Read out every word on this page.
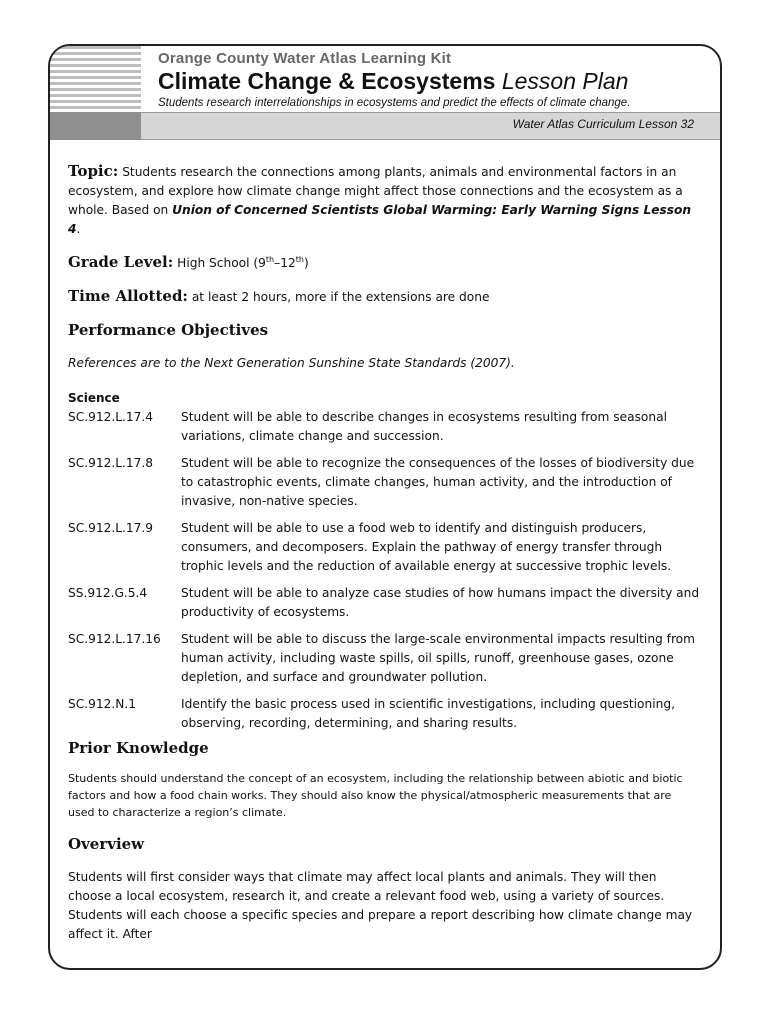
Orange County Water Atlas Learning Kit
Climate Change & Ecosystems Lesson Plan
Students research interrelationships in ecosystems and predict the effects of climate change.
Water Atlas Curriculum Lesson 32

Topic: Students research the connections among plants, animals and environmental factors in an ecosystem, and explore how climate change might affect those connections and the ecosystem as a whole. Based on Union of Concerned Scientists Global Warming: Early Warning Signs Lesson 4.

Grade Level: High School (9th–12th)

Time Allotted: at least 2 hours, more if the extensions are done

Performance Objectives

References are to the Next Generation Sunshine State Standards (2007).

Science
SC.912.L.17.4	Student will be able to describe changes in ecosystems resulting from seasonal variations, climate change and succession.
SC.912.L.17.8	Student will be able to recognize the consequences of the losses of biodiversity due to catastrophic events, climate changes, human activity, and the introduction of invasive, non-native species.
SC.912.L.17.9	Student will be able to use a food web to identify and distinguish producers, consumers, and decomposers. Explain the pathway of energy transfer through trophic levels and the reduction of available energy at successive trophic levels.
SS.912.G.5.4	Student will be able to analyze case studies of how humans impact the diversity and productivity of ecosystems.
SC.912.L.17.16	Student will be able to discuss the large-scale environmental impacts resulting from human activity, including waste spills, oil spills, runoff, greenhouse gases, ozone depletion, and surface and groundwater pollution.
SC.912.N.1	Identify the basic process used in scientific investigations, including questioning, observing, recording, determining, and sharing results.
Prior Knowledge

Students should understand the concept of an ecosystem, including the relationship between abiotic and biotic factors and how a food chain works. They should also know the physical/atmospheric measurements that are used to characterize a region’s climate.

Overview

Students will first consider ways that climate may affect local plants and animals. They will then choose a local ecosystem, research it, and create a relevant food web, using a variety of sources. Students will each choose a specific species and prepare a report describing how climate change may affect it. After
